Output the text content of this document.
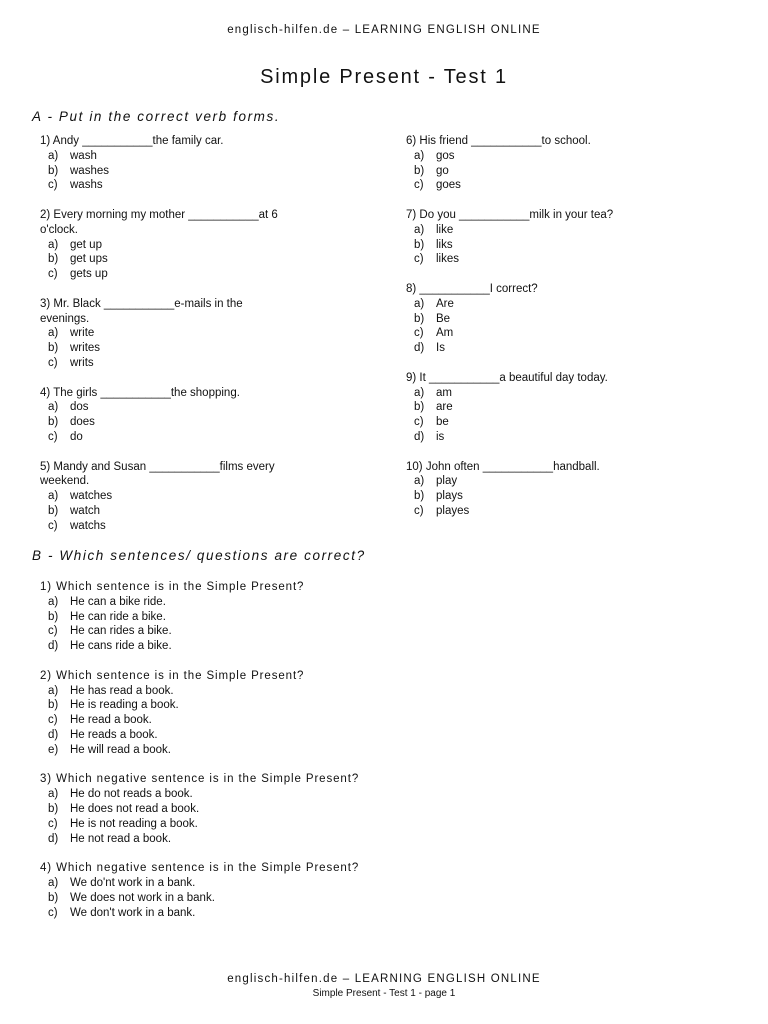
englisch-hilfen.de – LEARNING ENGLISH ONLINE
Simple Present - Test 1
A - Put in the correct verb forms.
1) Andy ___________the family car.
a)	wash
b)	washes
c)	washs
2) Every morning my mother ___________at 6
o'clock.
a)	get up
b)	get ups
c)	gets up
3) Mr. Black ___________e-mails in the
evenings.
a)	write
b)	writes
c)	writs
4) The girls ___________the shopping.
a)	dos
b)	does
c)	do
5) Mandy and Susan ___________films every
weekend.
a)	watches
b)	watch
c)	watchs
6) His friend ___________to school.
a)	gos
b)	go
c)	goes
7) Do you ___________milk in your tea?
a)	like
b)	liks
c)	likes
8) ___________I correct?
a)	Are
b)	Be
c)	Am
d)	Is
9) It ___________a beautiful day today.
a)	am
b)	are
c)	be
d)	is
10) John often ___________handball.
a)	play
b)	plays
c)	playes
B - Which sentences/ questions are correct?
1) Which sentence is in the Simple Present?
a)	He can a bike ride.
b)	He can ride a bike.
c)	He can rides a bike.
d)	He cans ride a bike.
2) Which sentence is in the Simple Present?
a)	He has read a book.
b)	He is reading a book.
c)	He read a book.
d)	He reads a book.
e)	He will read a book.
3) Which negative sentence is in the Simple Present?
a)	He do not reads a book.
b)	He does not read a book.
c)	He is not reading a book.
d)	He not read a book.
4) Which negative sentence is in the Simple Present?
a)	We do'nt work in a bank.
b)	We does not work in a bank.
c)	We don't work in a bank.
englisch-hilfen.de – LEARNING ENGLISH ONLINE
Simple Present - Test 1 - page 1
